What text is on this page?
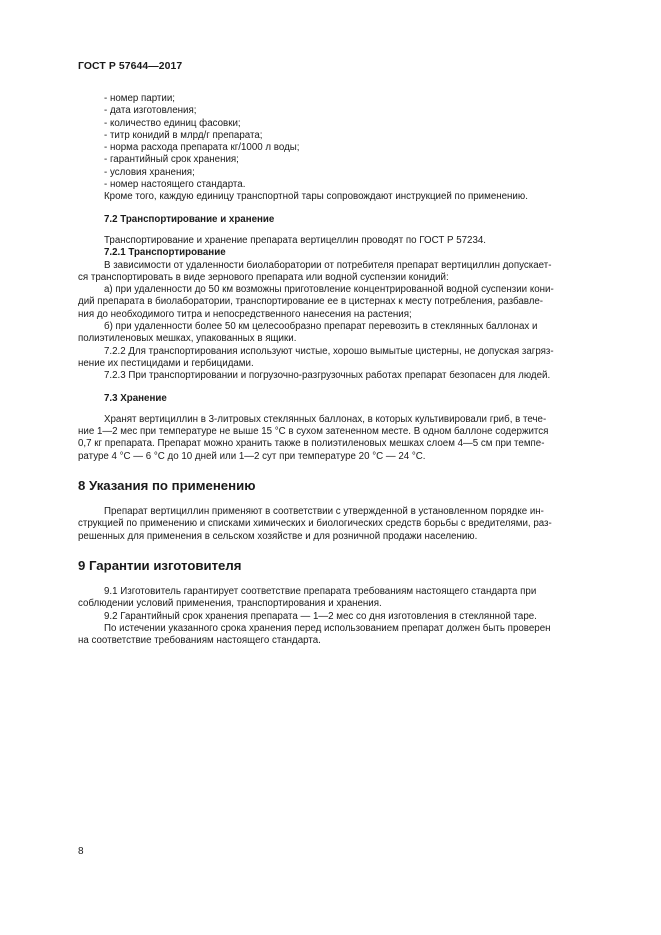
ГОСТ Р 57644—2017
- номер партии;
- дата изготовления;
- количество единиц фасовки;
- титр конидий в млрд/г препарата;
- норма расхода препарата кг/1000 л воды;
- гарантийный срок хранения;
- условия хранения;
- номер настоящего стандарта.

Кроме того, каждую единицу транспортной тары сопровождают инструкцией по применению.

7.2 Транспортирование и хранение

Транспортирование и хранение препарата вертицеллин проводят по ГОСТ Р 57234.

7.2.1 Транспортирование

В зависимости от удаленности биолаборатории от потребителя препарат вертициллин допускает-

ся транспортировать в виде зернового препарата или водной суспензии конидий:

а) при удаленности до 50 км возможны приготовление концентрированной водной суспензии кони-

дий препарата в биолаборатории, транспортирование ее в цистернах к месту потребления, разбавле-

ния до необходимого титра и непосредственного нанесения на растения;

б) при удаленности более 50 км целесообразно препарат перевозить в стеклянных баллонах и

полиэтиленовых мешках, упакованных в ящики.

7.2.2 Для транспортирования используют чистые, хорошо вымытые цистерны, не допуская загряз-

нение их пестицидами и гербицидами.

7.2.3 При транспортировании и погрузочно-разгрузочных работах препарат безопасен для людей.

7.3 Хранение

Хранят вертициллин в 3-литровых стеклянных баллонах, в которых культивировали гриб, в тече-

ние 1—2 мес при температуре не выше 15 °С в сухом затененном месте. В одном баллоне содержится

0,7 кг препарата. Препарат можно хранить также в полиэтиленовых мешках слоем 4—5 см при темпе-

ратуре 4 °С — 6 °С до 10 дней или 1—2 сут при температуре 20 °С — 24 °С.

8 Указания по применению

Препарат вертициллин применяют в соответствии с утвержденной в установленном порядке ин-

струкцией по применению и списками химических и биологических средств борьбы с вредителями, раз-

решенных для применения в сельском хозяйстве и для розничной продажи населению.

9 Гарантии изготовителя

9.1 Изготовитель гарантирует соответствие препарата требованиям настоящего стандарта при

соблюдении условий применения, транспортирования и хранения.

9.2 Гарантийный срок хранения препарата — 1—2 мес со дня изготовления в стеклянной таре.

По истечении указанного срока хранения перед использованием препарат должен быть проверен

на соответствие требованиям настоящего стандарта.

8
